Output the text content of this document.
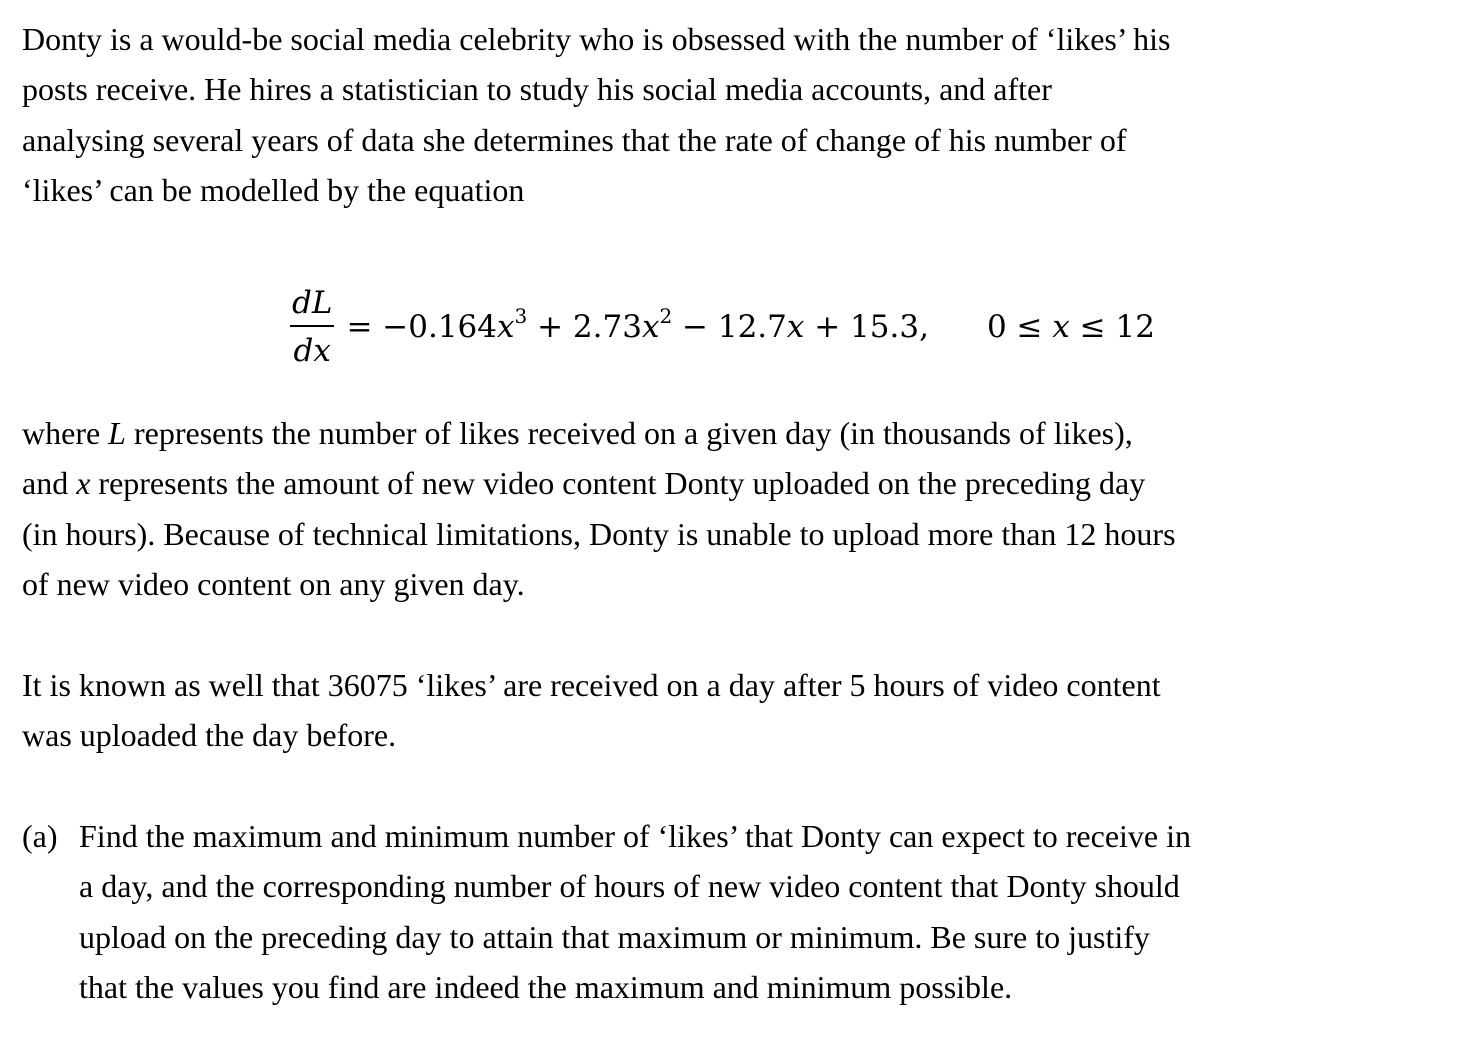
Donty is a would-be social media celebrity who is obsessed with the number of ‘likes’ his
posts receive. He hires a statistician to study his social media accounts, and after
analysing several years of data she determines that the rate of change of his number of
‘likes’ can be modelled by the equation

$\frac{dL}{dx} = -0.164x^3 + 2.73x^2 - 12.7x + 15.3$, 0 ≤ x ≤ 12

where L represents the number of likes received on a given day (in thousands of likes),
and x represents the amount of new video content Donty uploaded on the preceding day
(in hours). Because of technical limitations, Donty is unable to upload more than 12 hours
of new video content on any given day.

It is known as well that 36075 ‘likes’ are received on a day after 5 hours of video content
was uploaded the day before.

(a) Find the maximum and minimum number of ‘likes’ that Donty can expect to receive in
a day, and the corresponding number of hours of new video content that Donty should
upload on the preceding day to attain that maximum or minimum. Be sure to justify
that the values you find are indeed the maximum and minimum possible.
